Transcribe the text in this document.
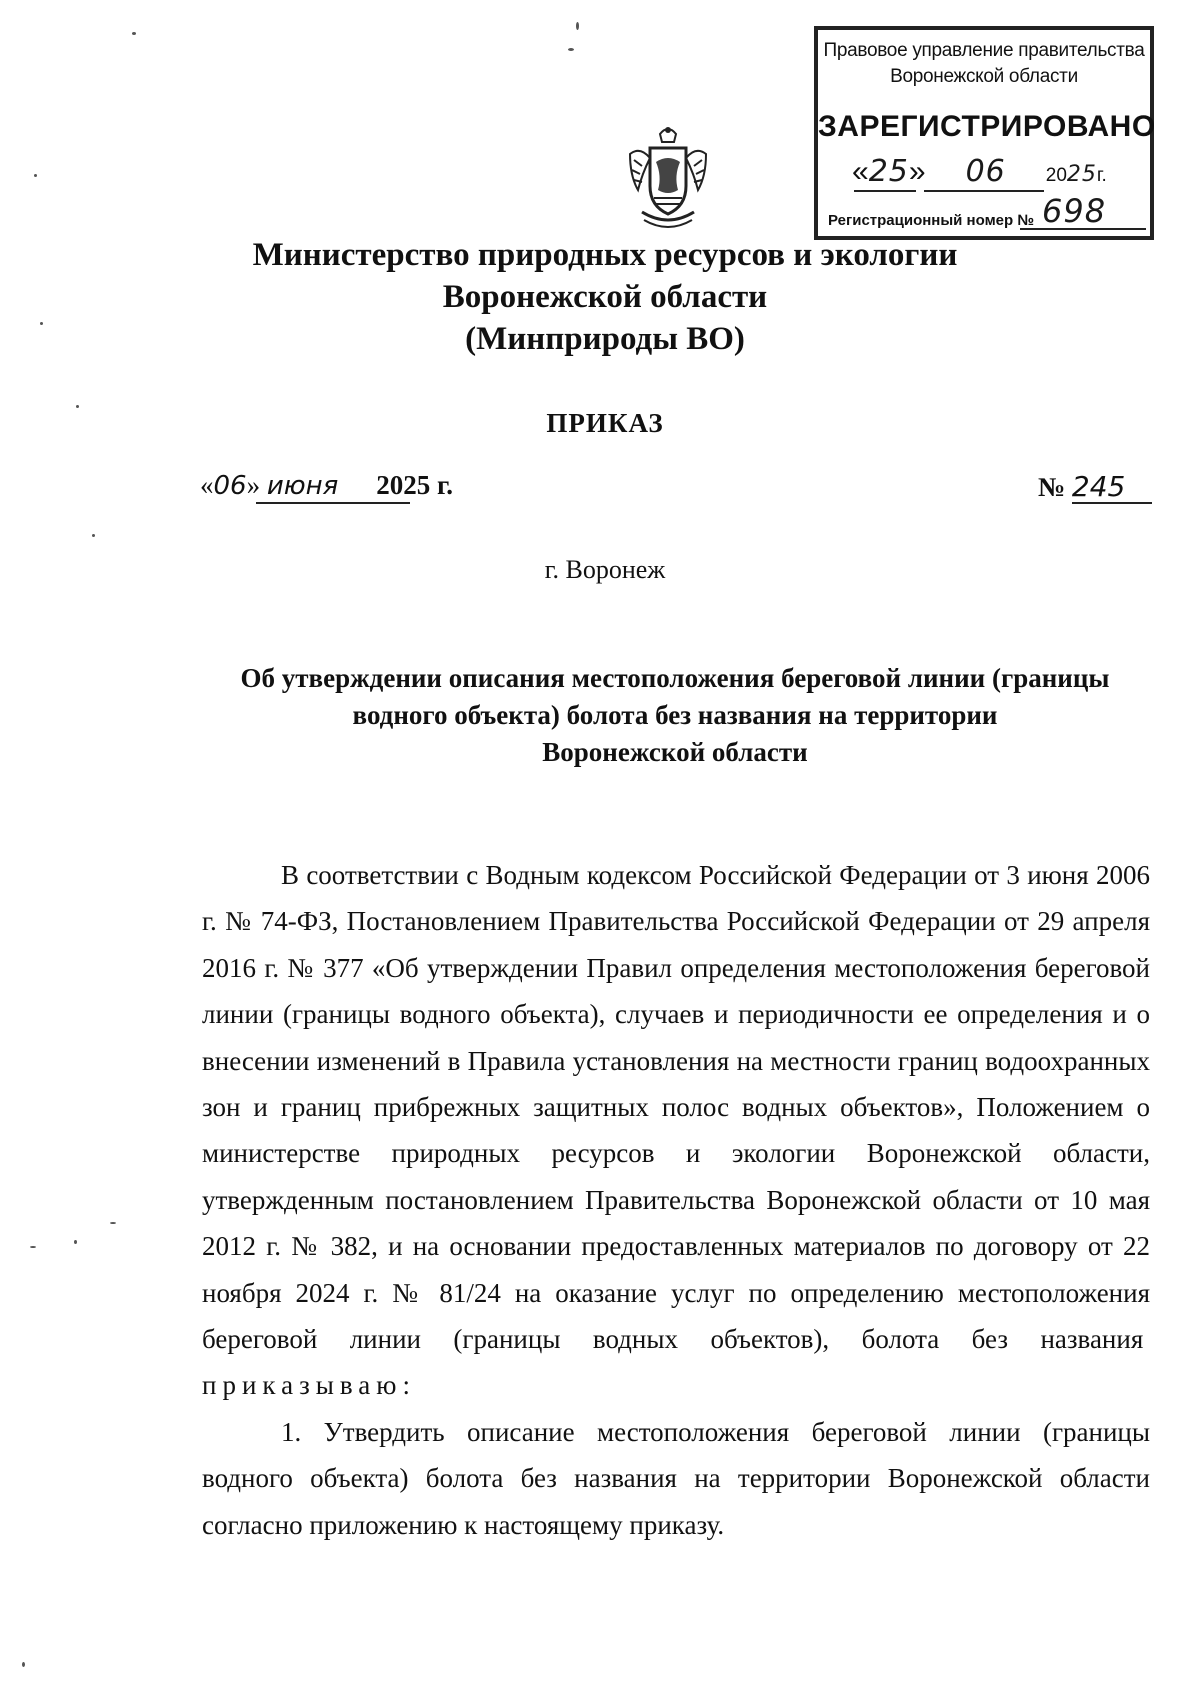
Правовое управление правительства
Воронежской области
ЗАРЕГИСТРИРОВАНО
«25» 06 2025г.
Регистрационный номер № 698
Министерство природных ресурсов и экологии
Воронежской области
(Минприроды ВО)
ПРИКАЗ
«06» июня 2025 г.	№ 245
г. Воронеж
Об утверждении описания местоположения береговой линии (границы
водного объекта) болота без названия на территории
Воронежской области

В соответствии с Водным кодексом Российской Федерации от 3 июня 2006 г. № 74-ФЗ, Постановлением Правительства Российской Федерации от 29 апреля 2016 г. № 377 «Об утверждении Правил определения местоположения береговой линии (границы водного объекта), случаев и периодичности ее определения и о внесении изменений в Правила установления на местности границ водоохранных зон и границ прибрежных защитных полос водных объектов», Положением о министерстве природных ресурсов и экологии Воронежской области, утвержденным постановлением Правительства Воронежской области от 10 мая 2012 г. № 382, и на основании предоставленных материалов по договору от 22 ноября 2024 г. № 81/24 на оказание услуг по определению местоположения береговой линии (границы водных объектов), болота без названия  приказываю:

1. Утвердить описание местоположения береговой линии (границы водного объекта) болота без названия на территории Воронежской области согласно приложению к настоящему приказу.
